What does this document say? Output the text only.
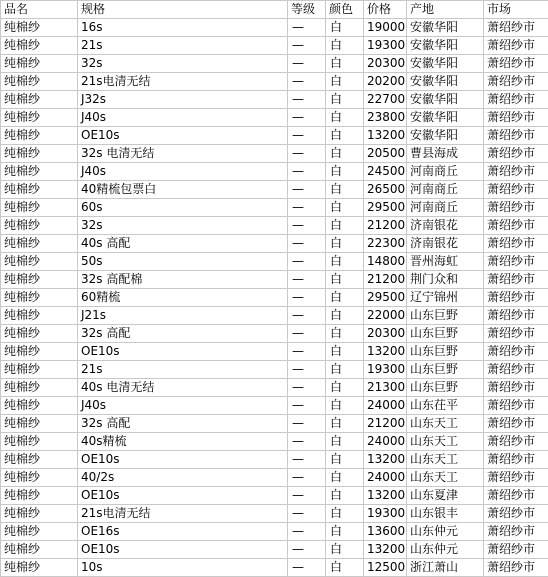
品名	规格	等级	颜色	价格	产地	市场
纯棉纱	16s	—	白	19000	安徽华阳	萧绍纱市
纯棉纱	21s	—	白	19300	安徽华阳	萧绍纱市
纯棉纱	32s	—	白	20300	安徽华阳	萧绍纱市
纯棉纱	21s电清无结	—	白	20200	安徽华阳	萧绍纱市
纯棉纱	J32s	—	白	22700	安徽华阳	萧绍纱市
纯棉纱	J40s	—	白	23800	安徽华阳	萧绍纱市
纯棉纱	OE10s	—	白	13200	安徽华阳	萧绍纱市
纯棉纱	32s 电清无结	—	白	20500	曹县海成	萧绍纱市
纯棉纱	J40s	—	白	24500	河南商丘	萧绍纱市
纯棉纱	40精梳包票白	—	白	26500	河南商丘	萧绍纱市
纯棉纱	60s	—	白	29500	河南商丘	萧绍纱市
纯棉纱	32s	—	白	21200	济南银花	萧绍纱市
纯棉纱	40s 高配	—	白	22300	济南银花	萧绍纱市
纯棉纱	50s	—	白	14800	晋州海虹	萧绍纱市
纯棉纱	32s 高配棉	—	白	21200	荆门众和	萧绍纱市
纯棉纱	60精梳	—	白	29500	辽宁锦州	萧绍纱市
纯棉纱	J21s	—	白	22000	山东巨野	萧绍纱市
纯棉纱	32s 高配	—	白	20300	山东巨野	萧绍纱市
纯棉纱	OE10s	—	白	13200	山东巨野	萧绍纱市
纯棉纱	21s	—	白	19300	山东巨野	萧绍纱市
纯棉纱	40s 电清无结	—	白	21300	山东巨野	萧绍纱市
纯棉纱	J40s	—	白	24000	山东茌平	萧绍纱市
纯棉纱	32s 高配	—	白	21200	山东天工	萧绍纱市
纯棉纱	40s精梳	—	白	24000	山东天工	萧绍纱市
纯棉纱	OE10s	—	白	13200	山东天工	萧绍纱市
纯棉纱	40/2s	—	白	24000	山东天工	萧绍纱市
纯棉纱	OE10s	—	白	13200	山东夏津	萧绍纱市
纯棉纱	21s电清无结	—	白	19300	山东银丰	萧绍纱市
纯棉纱	OE16s	—	白	13600	山东仲元	萧绍纱市
纯棉纱	OE10s	—	白	13200	山东仲元	萧绍纱市
纯棉纱	10s	—	白	12500	浙江萧山	萧绍纱市
